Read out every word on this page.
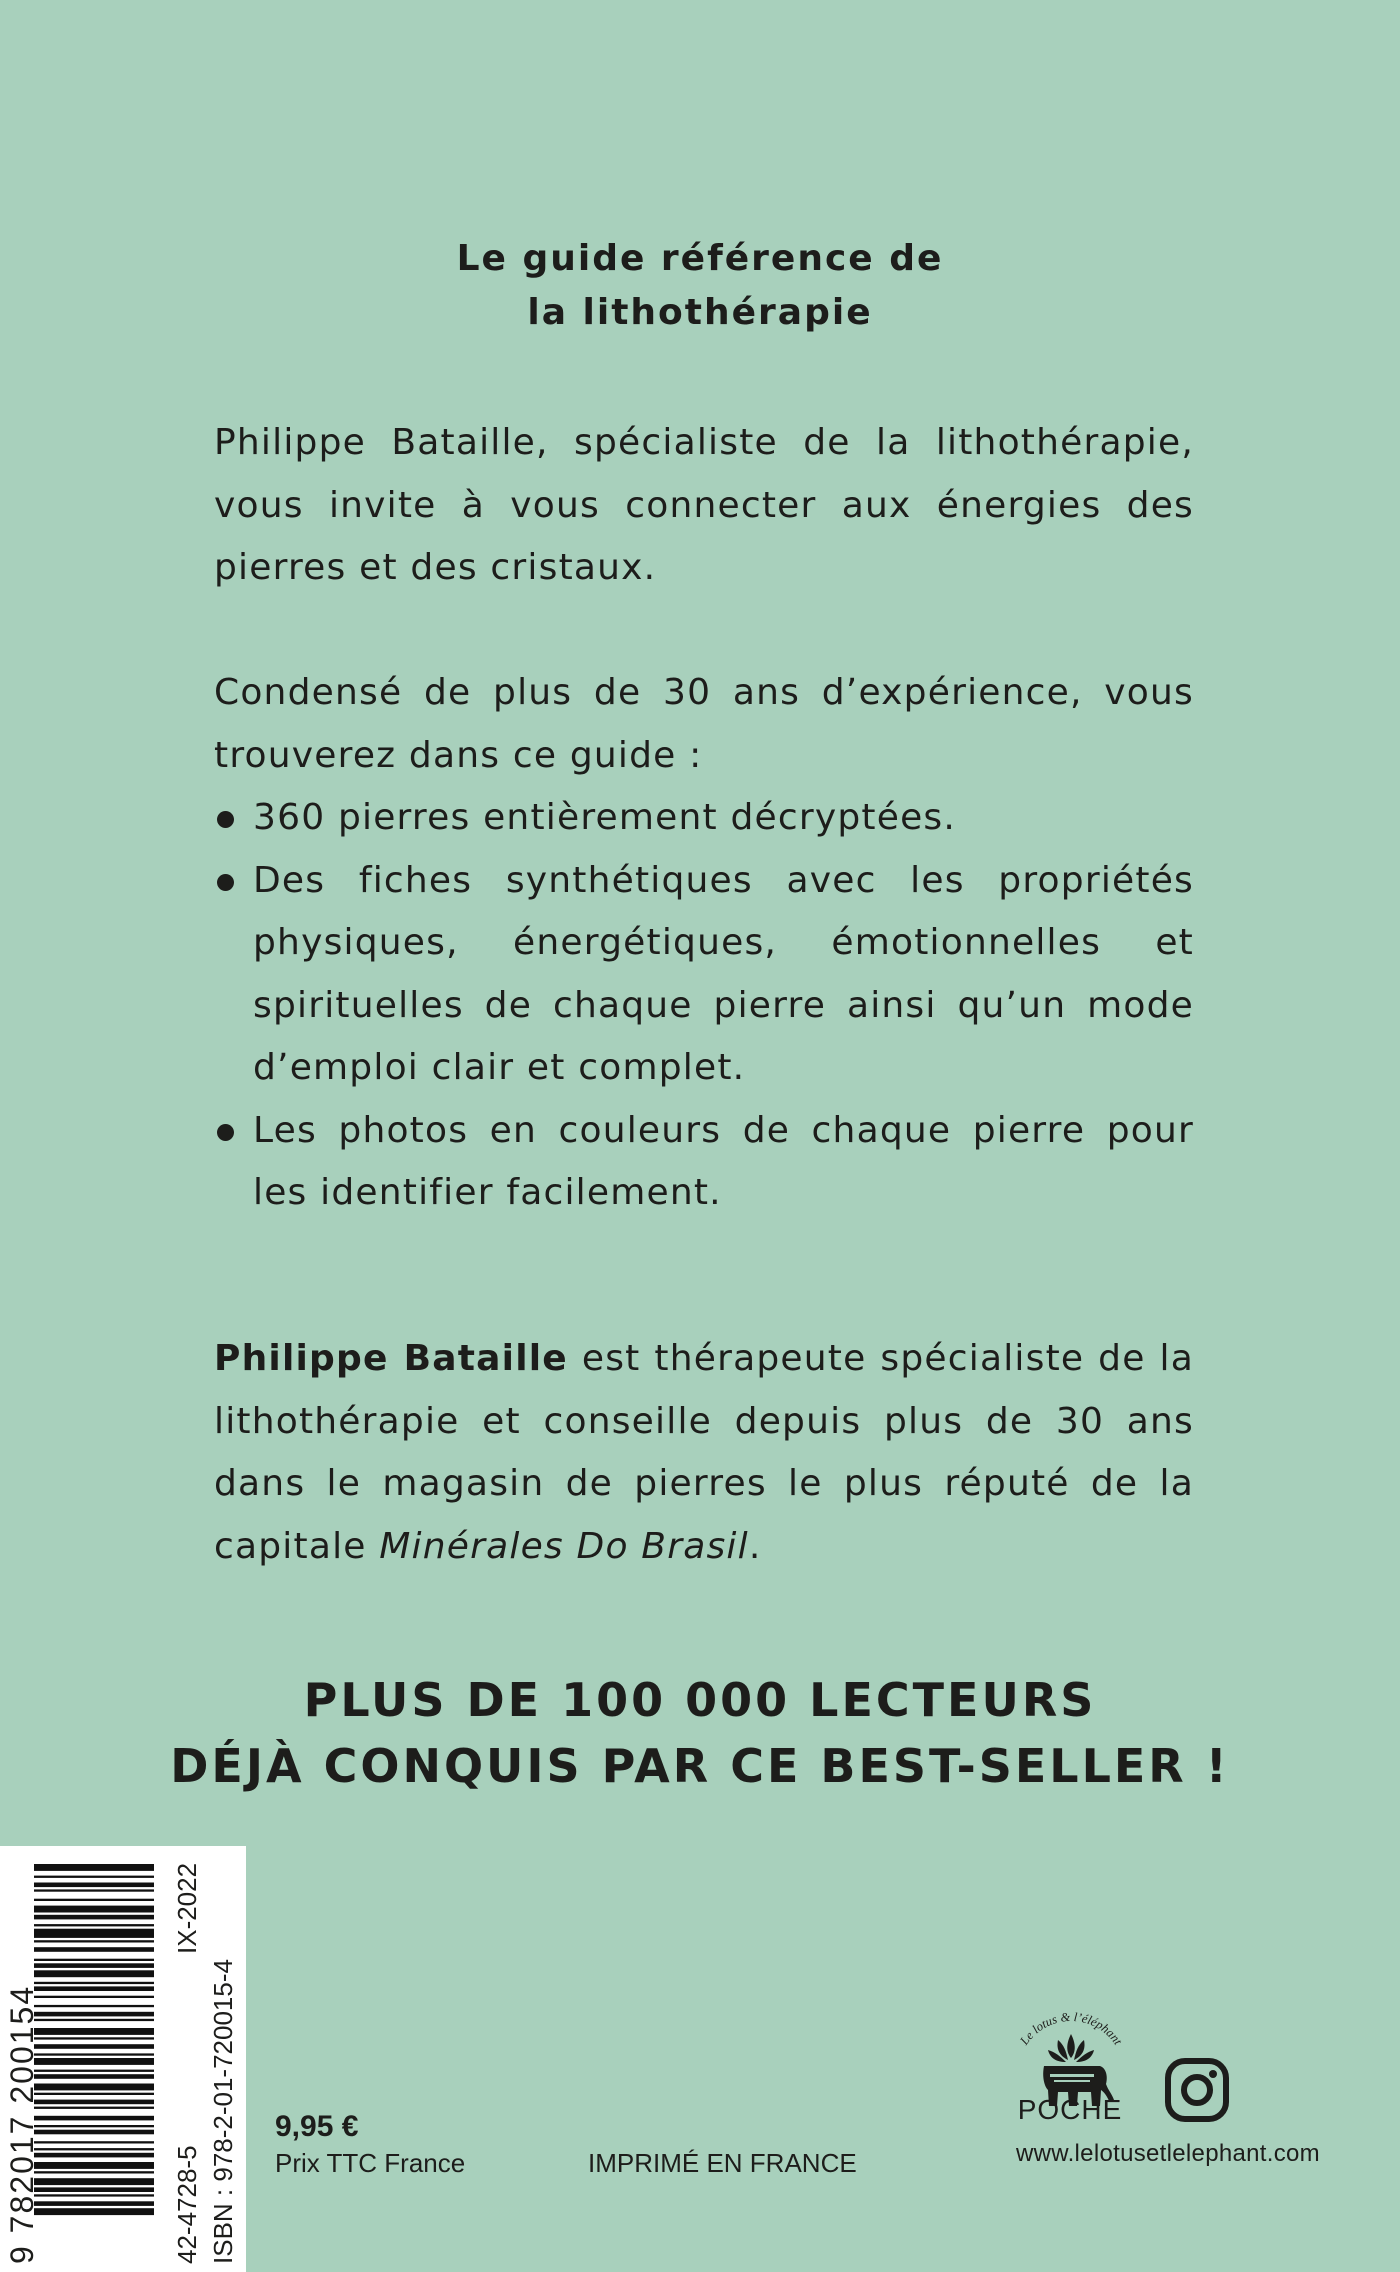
Le guide référence de
la lithothérapie

Philippe Bataille, spécialiste de la lithothérapie, vous invite à vous connecter aux énergies des pierres et des cristaux.

Condensé de plus de 30 ans d’expérience, vous trouverez dans ce guide :

360 pierres entièrement décryptées.
Des fiches synthétiques avec les propriétés physiques, énergétiques, émotionnelles et spirituelles de chaque pierre ainsi qu’un mode d’emploi clair et complet.
Les photos en couleurs de chaque pierre pour les identifier facilement.

Philippe Bataille est thérapeute spécialiste de la lithothérapie et conseille depuis plus de 30 ans dans le magasin de pierres le plus réputé de la capitale Minérales Do Brasil.

PLUS DE 100 000 LECTEURS
DÉJÀ CONQUIS PAR CE BEST-SELLER !
9 782017 200154	42-4728-5
IX-2022
ISBN : 978-2-01-720015-4 9,95 €
Prix TTC France	IMPRIMÉ EN FRANCE
Le lotus & l’éléphant
POCHE
www.lelotusetlelephant.com
